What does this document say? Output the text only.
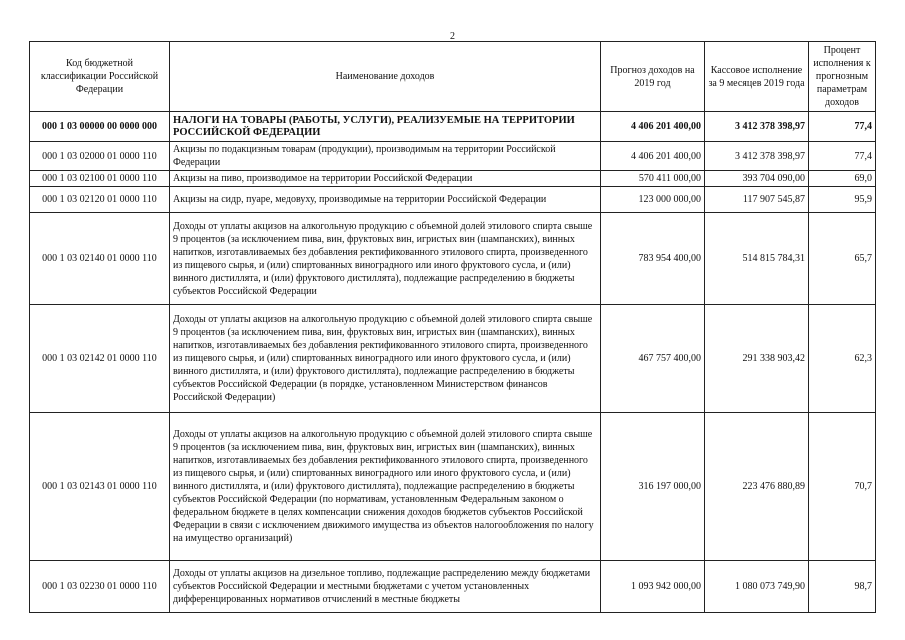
2
Код бюджетной классификации Российской Федерации	Наименование доходов	Прогноз доходов на 2019 год	Кассовое исполнение за 9 месяцев 2019 года	Процент исполнения к прогнозным параметрам доходов
000 1 03 00000 00 0000 000	НАЛОГИ НА ТОВАРЫ (РАБОТЫ, УСЛУГИ), РЕАЛИЗУЕМЫЕ НА ТЕРРИТОРИИ РОССИЙСКОЙ ФЕДЕРАЦИИ	4 406 201 400,00	3 412 378 398,97	77,4
000 1 03 02000 01 0000 110	Акцизы по подакцизным товарам (продукции), производимым на территории Российской Федерации	4 406 201 400,00	3 412 378 398,97	77,4
000 1 03 02100 01 0000 110	Акцизы на пиво, производимое на территории Российской Федерации	570 411 000,00	393 704 090,00	69,0
000 1 03 02120 01 0000 110	Акцизы на сидр, пуаре, медовуху, производимые на территории Российской Федерации	123 000 000,00	117 907 545,87	95,9
000 1 03 02140 01 0000 110	Доходы от уплаты акцизов на алкогольную продукцию с объемной долей этилового спирта свыше 9 процентов (за исключением пива, вин, фруктовых вин, игристых вин (шампанских), винных напитков, изготавливаемых без добавления ректификованного этилового спирта, произведенного из пищевого сырья, и (или) спиртованных виноградного или иного фруктового сусла, и (или) винного дистиллята, и (или) фруктового дистиллята), подлежащие распределению в бюджеты субъектов Российской Федерации	783 954 400,00	514 815 784,31	65,7
000 1 03 02142 01 0000 110	Доходы от уплаты акцизов на алкогольную продукцию с объемной долей этилового спирта свыше 9 процентов (за исключением пива, вин, фруктовых вин, игристых вин (шампанских), винных напитков, изготавливаемых без добавления ректификованного этилового спирта, произведенного из пищевого сырья, и (или) спиртованных виноградного или иного фруктового сусла, и (или) винного дистиллята, и (или) фруктового дистиллята), подлежащие распределению в бюджеты субъектов Российской Федерации (в порядке, установленном Министерством финансов Российской Федерации)	467 757 400,00	291 338 903,42	62,3
000 1 03 02143 01 0000 110	Доходы от уплаты акцизов на алкогольную продукцию с объемной долей этилового спирта свыше 9 процентов (за исключением пива, вин, фруктовых вин, игристых вин (шампанских), винных напитков, изготавливаемых без добавления ректификованного этилового спирта, произведенного из пищевого сырья, и (или) спиртованных виноградного или иного фруктового сусла, и (или) винного дистиллята, и (или) фруктового дистиллята), подлежащие распределению в бюджеты субъектов Российской Федерации (по нормативам, установленным Федеральным законом о федеральном бюджете в целях компенсации снижения доходов бюджетов субъектов Российской Федерации в связи с исключением движимого имущества из объектов налогообложения по налогу на имущество организаций)	316 197 000,00	223 476 880,89	70,7
000 1 03 02230 01 0000 110	Доходы от уплаты акцизов на дизельное топливо, подлежащие распределению между бюджетами субъектов Российской Федерации и местными бюджетами с учетом установленных дифференцированных нормативов отчислений в местные бюджеты	1 093 942 000,00	1 080 073 749,90	98,7
